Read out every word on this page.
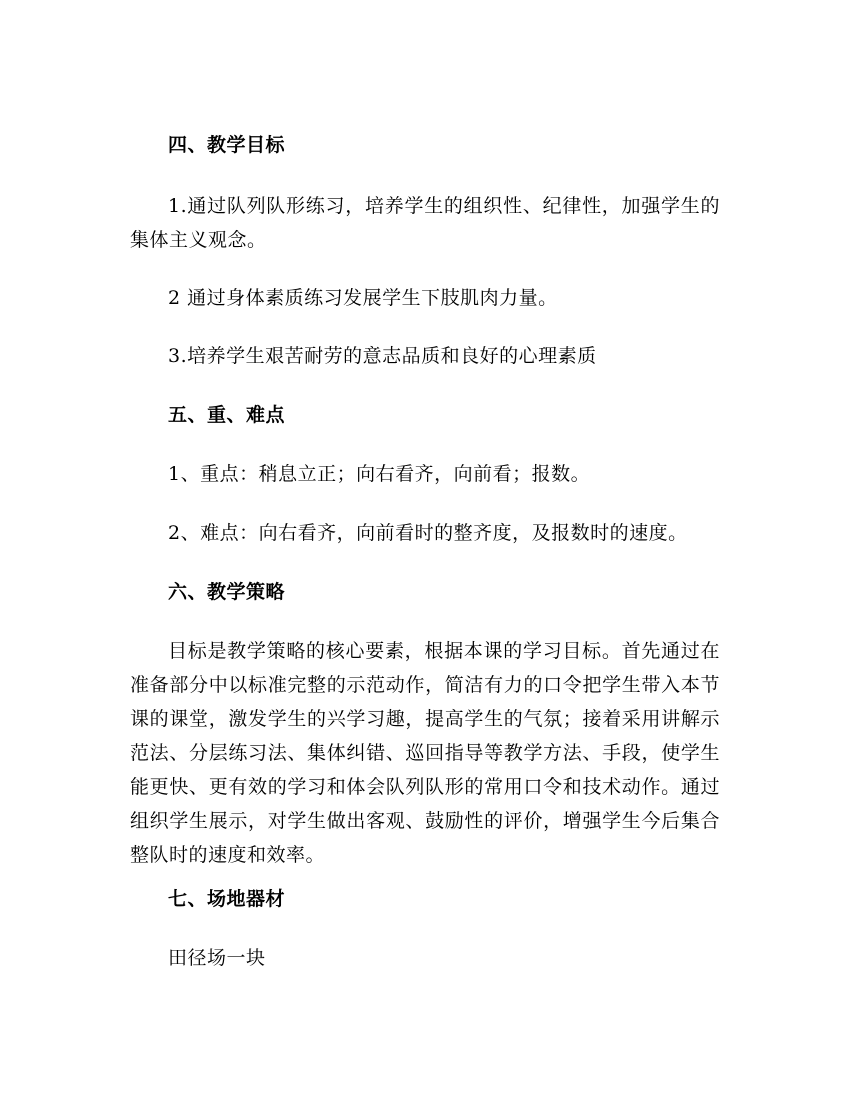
四、教学目标
1.通过队列队形练习，培养学生的组织性、纪律性，加强学生的集体主义观念。
2 通过身体素质练习发展学生下肢肌肉力量。
3.培养学生艰苦耐劳的意志品质和良好的心理素质
五、重、难点
1、重点：稍息立正；向右看齐，向前看；报数。
2、难点：向右看齐，向前看时的整齐度，及报数时的速度。
六、教学策略
目标是教学策略的核心要素，根据本课的学习目标。首先通过在准备部分中以标准完整的示范动作，简洁有力的口令把学生带入本节课的课堂，激发学生的兴学习趣，提高学生的气氛；接着采用讲解示范法、分层练习法、集体纠错、巡回指导等教学方法、手段，使学生能更快、更有效的学习和体会队列队形的常用口令和技术动作。通过组织学生展示，对学生做出客观、鼓励性的评价，增强学生今后集合整队时的速度和效率。
七、场地器材
田径场一块
